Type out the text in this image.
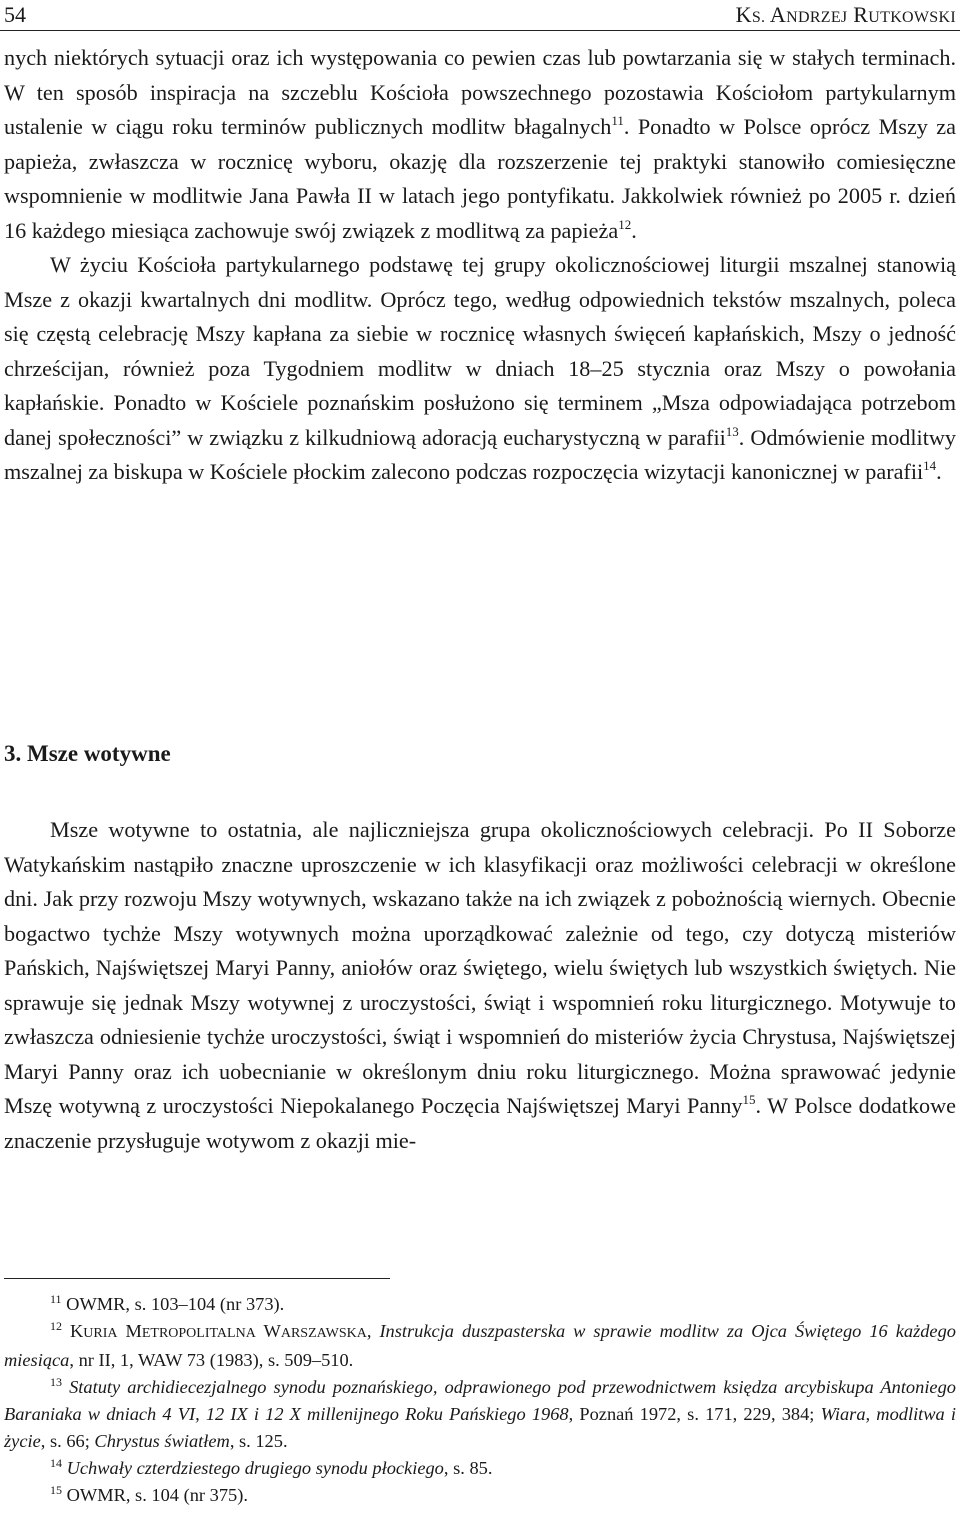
54	KS. ANDRZEJ RUTKOWSKI

nych niektórych sytuacji oraz ich występowania co pewien czas lub powtarzania się w stałych terminach. W ten sposób inspiracja na szczeblu Kościoła powszechnego pozostawia Kościołom partykularnym ustalenie w ciągu roku terminów publicznych modlitw błagalnych$^{11}$. Ponadto w Polsce oprócz Mszy za papieża, zwłaszcza w rocznicę wyboru, okazję dla rozszerzenie tej praktyki stanowiło comiesięczne wspomnienie w modlitwie Jana Pawła II w latach jego pontyfikatu. Jakkolwiek również po 2005 r. dzień 16 każdego miesiąca zachowuje swój związek z modlitwą za papieża$^{12}$.

W życiu Kościoła partykularnego podstawę tej grupy okolicznościowej liturgii mszalnej stanowią Msze z okazji kwartalnych dni modlitw. Oprócz tego, według odpowiednich tekstów mszalnych, poleca się częstą celebrację Mszy kapłana za siebie w rocznicę własnych święceń kapłańskich, Mszy o jedność chrześcijan, również poza Tygodniem modlitw w dniach 18–25 stycznia oraz Mszy o powołania kapłańskie. Ponadto w Kościele poznańskim posłużono się terminem „Msza odpowiadająca potrzebom danej społeczności” w związku z kilkudniową adoracją eucharystyczną w parafii$^{13}$. Odmówienie modlitwy mszalnej za biskupa w Kościele płockim zalecono podczas rozpoczęcia wizytacji kanonicznej w parafii$^{14}$.

3. Msze wotywne

Msze wotywne to ostatnia, ale najliczniejsza grupa okolicznościowych celebracji. Po II Soborze Watykańskim nastąpiło znaczne uproszczenie w ich klasyfikacji oraz możliwości celebracji w określone dni. Jak przy rozwoju Mszy wotywnych, wskazano także na ich związek z pobożnością wiernych. Obecnie bogactwo tychże Mszy wotywnych można uporządkować zależnie od tego, czy dotyczą misteriów Pańskich, Najświętszej Maryi Panny, aniołów oraz świętego, wielu świętych lub wszystkich świętych. Nie sprawuje się jednak Mszy wotywnej z uroczystości, świąt i wspomnień roku liturgicznego. Motywuje to zwłaszcza odniesienie tychże uroczystości, świąt i wspomnień do misteriów życia Chrystusa, Najświętszej Maryi Panny oraz ich uobecnianie w określonym dniu roku liturgicznego. Można sprawować jedynie Mszę wotywną z uroczystości Niepokalanego Poczęcia Najświętszej Maryi Panny$^{15}$. W Polsce dodatkowe znaczenie przysługuje wotywom z okazji mie-

$^{11}$ OWMR, s. 103–104 (nr 373).

$^{12}$ KURIA METROPOLITALNA WARSZAWSKA, Instrukcja duszpasterska w sprawie modlitw za Ojca Świętego 16 każdego miesiąca, nr II, 1, WAW 73 (1983), s. 509–510.

$^{13}$ Statuty archidiecezjalnego synodu poznańskiego, odprawionego pod przewodnictwem księdza arcybiskupa Antoniego Baraniaka w dniach 4 VI, 12 IX i 12 X millenijnego Roku Pańskiego 1968, Poznań 1972, s. 171, 229, 384; Wiara, modlitwa i życie, s. 66; Chrystus światłem, s. 125.

$^{14}$ Uchwały czterdziestego drugiego synodu płockiego, s. 85.

$^{15}$ OWMR, s. 104 (nr 375).
